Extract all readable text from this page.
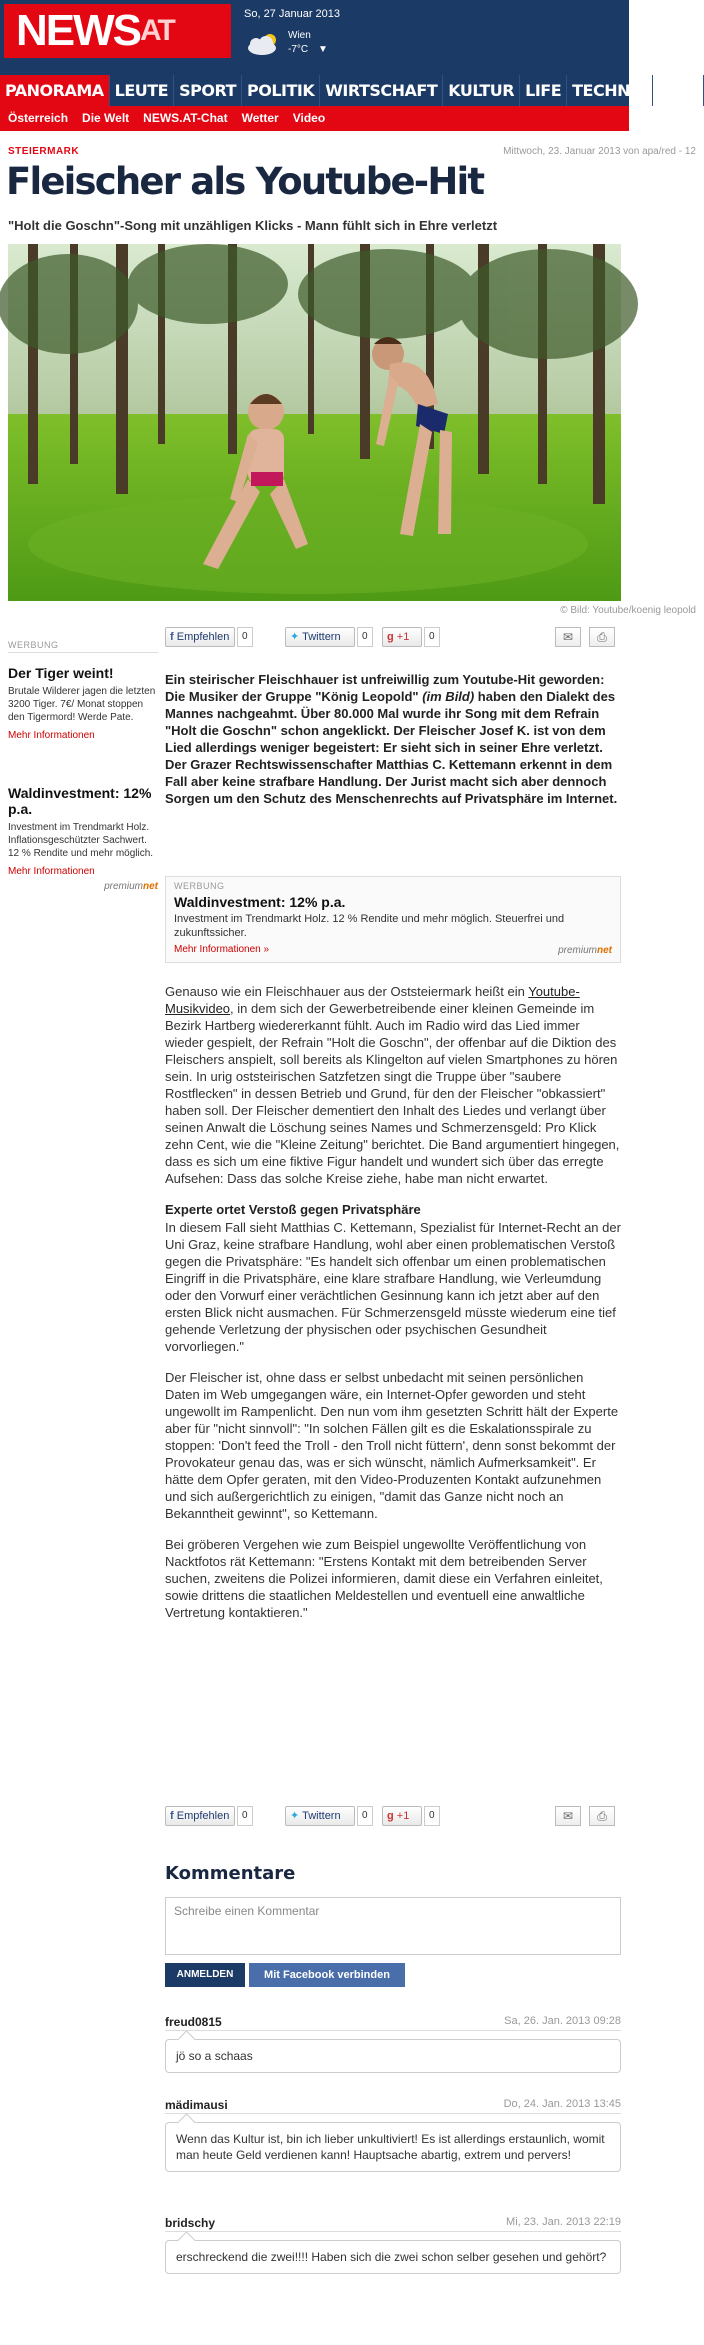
$NEWS^{AT}$	So, 27 Januar 2013
Wien
-7°C ▼
PANORAMA LEUTE SPORT POLITIK WIRTSCHAFT KULTUR LIFE TECHNIK GAM
Österreich	Die Welt	NEWS.AT-Chat	Wetter	Video
STEIERMARK	Mittwoch, 23. Januar 2013 von apa/red - 12
Fleischer als Youtube-Hit
"Holt die Goschn"-Song mit unzähligen Klicks - Mann fühlt sich in Ehre verletzt
© Bild: Youtube/koenig leopold
WERBUNG
Der Tiger weint!
Brutale Wilderer jagen die letzten 3200 Tiger. 7€/ Monat stoppen den Tigermord! Werde Pate.
Mehr Informationen
Waldinvestment: 12% p.a.
Investment im Trendmarkt Holz. Inflationsgeschützter Sachwert. 12 % Rendite und mehr möglich.
Mehr Informationen
premiumnet
f Empfehlen	0	✦ Twittern	0	g +1	0	✉	⎙
Ein steirischer Fleischhauer ist unfreiwillig zum Youtube-Hit geworden: Die Musiker der Gruppe "König Leopold" (im Bild) haben den Dialekt des Mannes nachgeahmt. Über 80.000 Mal wurde ihr Song mit dem Refrain "Holt die Goschn" schon angeklickt. Der Fleischer Josef K. ist von dem Lied allerdings weniger begeistert: Er sieht sich in seiner Ehre verletzt. Der Grazer Rechtswissenschafter Matthias C. Kettemann erkennt in dem Fall aber keine strafbare Handlung. Der Jurist macht sich aber dennoch Sorgen um den Schutz des Menschenrechts auf Privatsphäre im Internet.
WERBUNG
Waldinvestment: 12% p.a.
Investment im Trendmarkt Holz. 12 % Rendite und mehr möglich. Steuerfrei und zukunftssicher.
Mehr Informationen »	premiumnet

Genauso wie ein Fleischhauer aus der Oststeiermark heißt ein Youtube-Musikvideo, in dem sich der Gewerbetreibende einer kleinen Gemeinde im Bezirk Hartberg wiedererkannt fühlt. Auch im Radio wird das Lied immer wieder gespielt, der Refrain "Holt die Goschn", der offenbar auf die Diktion des Fleischers anspielt, soll bereits als Klingelton auf vielen Smartphones zu hören sein. In urig oststeirischen Satzfetzen singt die Truppe über "saubere Rostflecken" in dessen Betrieb und Grund, für den der Fleischer "obkassiert" haben soll. Der Fleischer dementiert den Inhalt des Liedes und verlangt über seinen Anwalt die Löschung seines Names und Schmerzensgeld: Pro Klick zehn Cent, wie die "Kleine Zeitung" berichtet. Die Band argumentiert hingegen, dass es sich um eine fiktive Figur handelt und wundert sich über das erregte Aufsehen: Dass das solche Kreise ziehe, habe man nicht erwartet.

Experte ortet Verstoß gegen Privatsphäre

In diesem Fall sieht Matthias C. Kettemann, Spezialist für Internet-Recht an der Uni Graz, keine strafbare Handlung, wohl aber einen problematischen Verstoß gegen die Privatsphäre: "Es handelt sich offenbar um einen problematischen Eingriff in die Privatsphäre, eine klare strafbare Handlung, wie Verleumdung oder den Vorwurf einer verächtlichen Gesinnung kann ich jetzt aber auf den ersten Blick nicht ausmachen. Für Schmerzensgeld müsste wiederum eine tief gehende Verletzung der physischen oder psychischen Gesundheit vorvorliegen."

Der Fleischer ist, ohne dass er selbst unbedacht mit seinen persönlichen Daten im Web umgegangen wäre, ein Internet-Opfer geworden und steht ungewollt im Rampenlicht. Den nun vom ihm gesetzten Schritt hält der Experte aber für "nicht sinnvoll": "In solchen Fällen gilt es die Eskalationsspirale zu stoppen: 'Don't feed the Troll - den Troll nicht füttern', denn sonst bekommt der Provokateur genau das, was er sich wünscht, nämlich Aufmerksamkeit". Er hätte dem Opfer geraten, mit den Video-Produzenten Kontakt aufzunehmen und sich außergerichtlich zu einigen, "damit das Ganze nicht noch an Bekanntheit gewinnt", so Kettemann.

Bei gröberen Vergehen wie zum Beispiel ungewollte Veröffentlichung von Nacktfotos rät Kettemann: "Erstens Kontakt mit dem betreibenden Server suchen, zweitens die Polizei informieren, damit diese ein Verfahren einleitet, sowie drittens die staatlichen Meldestellen und eventuell eine anwaltliche Vertretung kontaktieren."

f Empfehlen	0	✦ Twittern	0	g +1	0	✉	⎙
Kommentare
Schreibe einen Kommentar
ANMELDEN	Mit Facebook verbinden
freud0815	Sa, 26. Jan. 2013 09:28
jö so a schaas
mädimausi	Do, 24. Jan. 2013 13:45
Wenn das Kultur ist, bin ich lieber unkultiviert! Es ist allerdings erstaunlich, womit man heute Geld verdienen kann! Hauptsache abartig, extrem und pervers!
bridschy	Mi, 23. Jan. 2013 22:19
erschreckend die zwei!!!! Haben sich die zwei schon selber gesehen und gehört?
